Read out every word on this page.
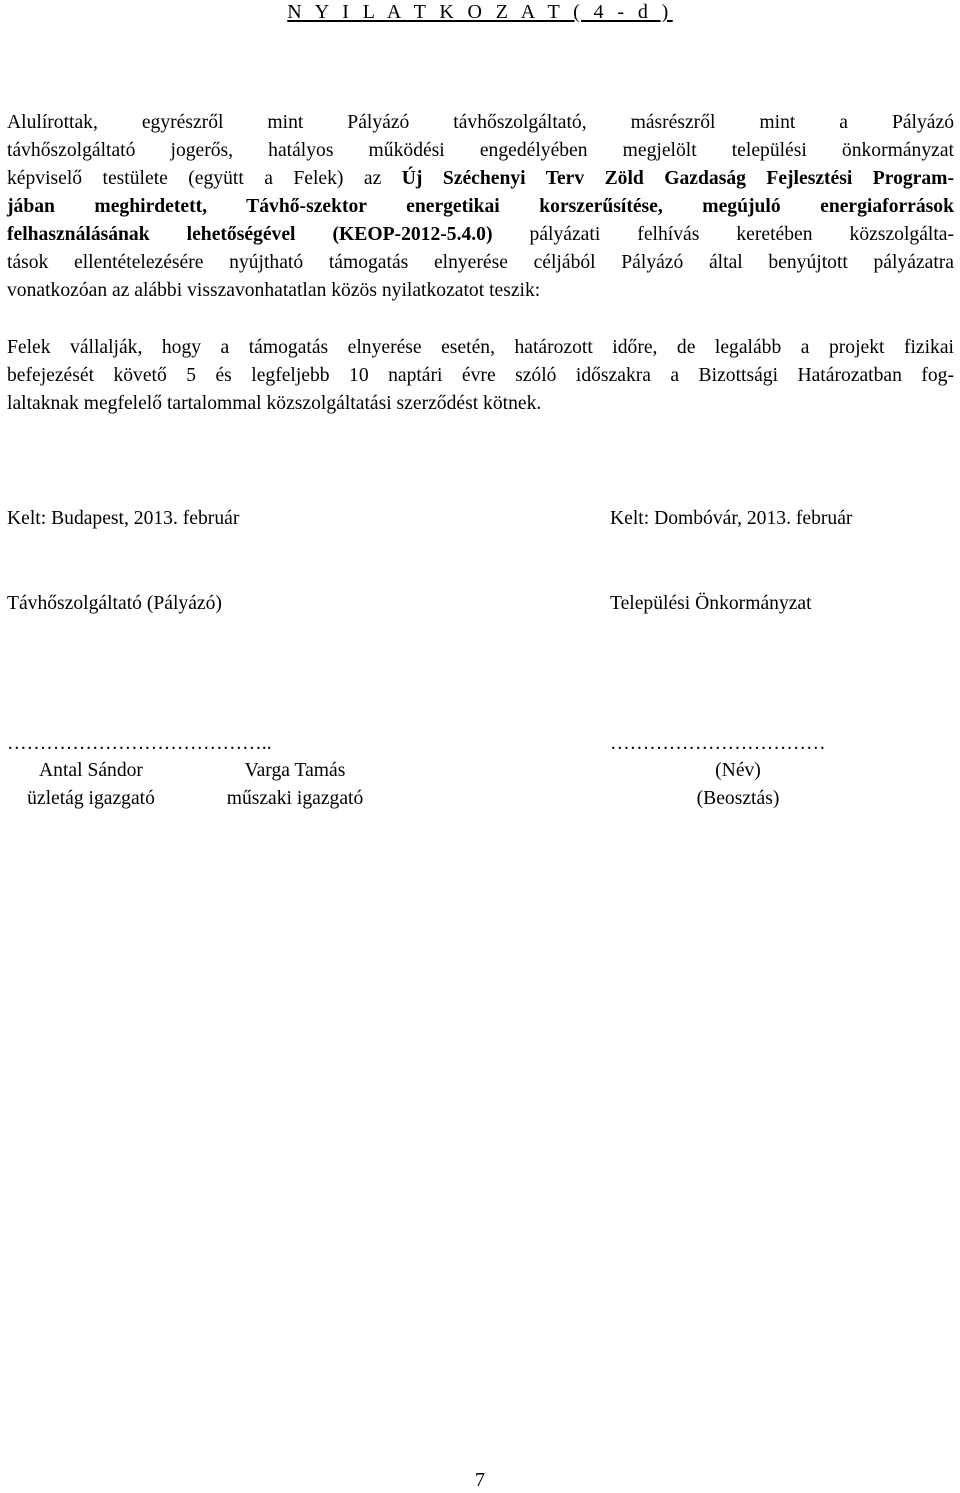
N Y I L A T K O Z A T ( 4 - d )
Alulírottak, egyrészről mint Pályázó távhőszolgáltató, másrészről mint a Pályázó
távhőszolgáltató jogerős, hatályos működési engedélyében megjelölt települési önkormányzat
képviselő testülete (együtt a Felek) az Új Széchenyi Terv Zöld Gazdaság Fejlesztési Program-
jában meghirdetett, Távhő-szektor energetikai korszerűsítése, megújuló energiaforrások
felhasználásának lehetőségével (KEOP-2012-5.4.0) pályázati felhívás keretében közszolgálta-
tások ellentételezésére nyújtható támogatás elnyerése céljából Pályázó által benyújtott pályázatra
vonatkozóan az alábbi visszavonhatatlan közös nyilatkozatot teszik:
Felek vállalják, hogy a támogatás elnyerése esetén, határozott időre, de legalább a projekt fizikai
befejezését követő 5 és legfeljebb 10 naptári évre szóló időszakra a Bizottsági Határozatban fog-
laltaknak megfelelő tartalommal közszolgáltatási szerződést kötnek.
Kelt: Budapest, 2013. február	Kelt: Dombóvár, 2013. február
Távhőszolgáltató (Pályázó)	Települési Önkormányzat
…………………………………..	……………………………
Antal Sándor
üzletág igazgató
Varga Tamás
műszaki igazgató
(Név)
(Beosztás)
7
